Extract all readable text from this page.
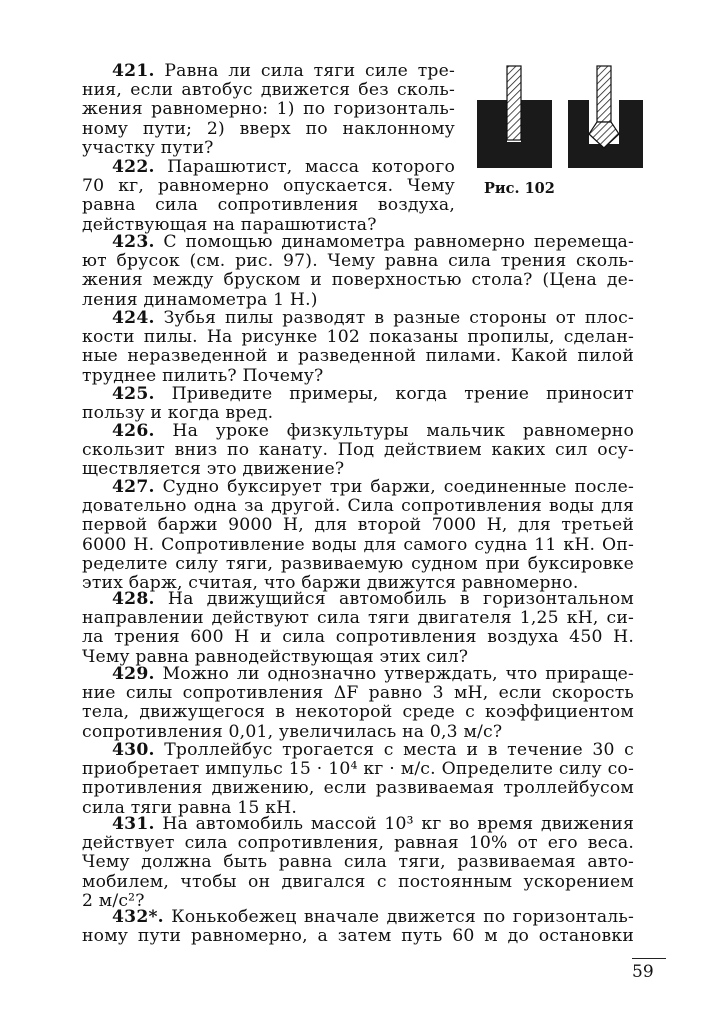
421. Равна ли сила тяги силе тре-
ния, если автобус движется без сколь-
жения равномерно: 1) по горизонталь-
ному пути; 2) вверх по наклонному
участку пути?
422. Парашютист, масса которого
70 кг, равномерно опускается. Чему
равна сила сопротивления воздуха,
действующая на парашютиста?
Рис. 102
423. С помощью динамометра равномерно перемеща-
ют брусок (см. рис. 97). Чему равна сила трения сколь-
жения между бруском и поверхностью стола? (Цена де-
ления динамометра 1 Н.)
424. Зубья пилы разводят в разные стороны от плос-
кости пилы. На рисунке 102 показаны пропилы, сделан-
ные неразведенной и разведенной пилами. Какой пилой
труднее пилить? Почему?
425. Приведите примеры, когда трение приносит
пользу и когда вред.
426. На уроке физкультуры мальчик равномерно
скользит вниз по канату. Под действием каких сил осу-
ществляется это движение?
427. Судно буксирует три баржи, соединенные после-
довательно одна за другой. Сила сопротивления воды для
первой баржи 9000 Н, для второй 7000 Н, для третьей
6000 Н. Сопротивление воды для самого судна 11 кН. Оп-
ределите силу тяги, развиваемую судном при буксировке
этих барж, считая, что баржи движутся равномерно.
428. На движущийся автомобиль в горизонтальном
направлении действуют сила тяги двигателя 1,25 кН, си-
ла трения 600 Н и сила сопротивления воздуха 450 Н.
Чему равна равнодействующая этих сил?
429. Можно ли однозначно утверждать, что прираще-
ние силы сопротивления ΔF равно 3 мН, если скорость
тела, движущегося в некоторой среде с коэффициентом
сопротивления 0,01, увеличилась на 0,3 м/с?
430. Троллейбус трогается с места и в течение 30 с
приобретает импульс 15 · 10⁴ кг · м/с. Определите силу со-
противления движению, если развиваемая троллейбусом
сила тяги равна 15 кН.
431. На автомобиль массой 10³ кг во время движения
действует сила сопротивления, равная 10% от его веса.
Чему должна быть равна сила тяги, развиваемая авто-
мобилем, чтобы он двигался с постоянным ускорением
2 м/с²?
432*. Конькобежец вначале движется по горизонталь-
ному пути равномерно, а затем путь 60 м до остановки
59
